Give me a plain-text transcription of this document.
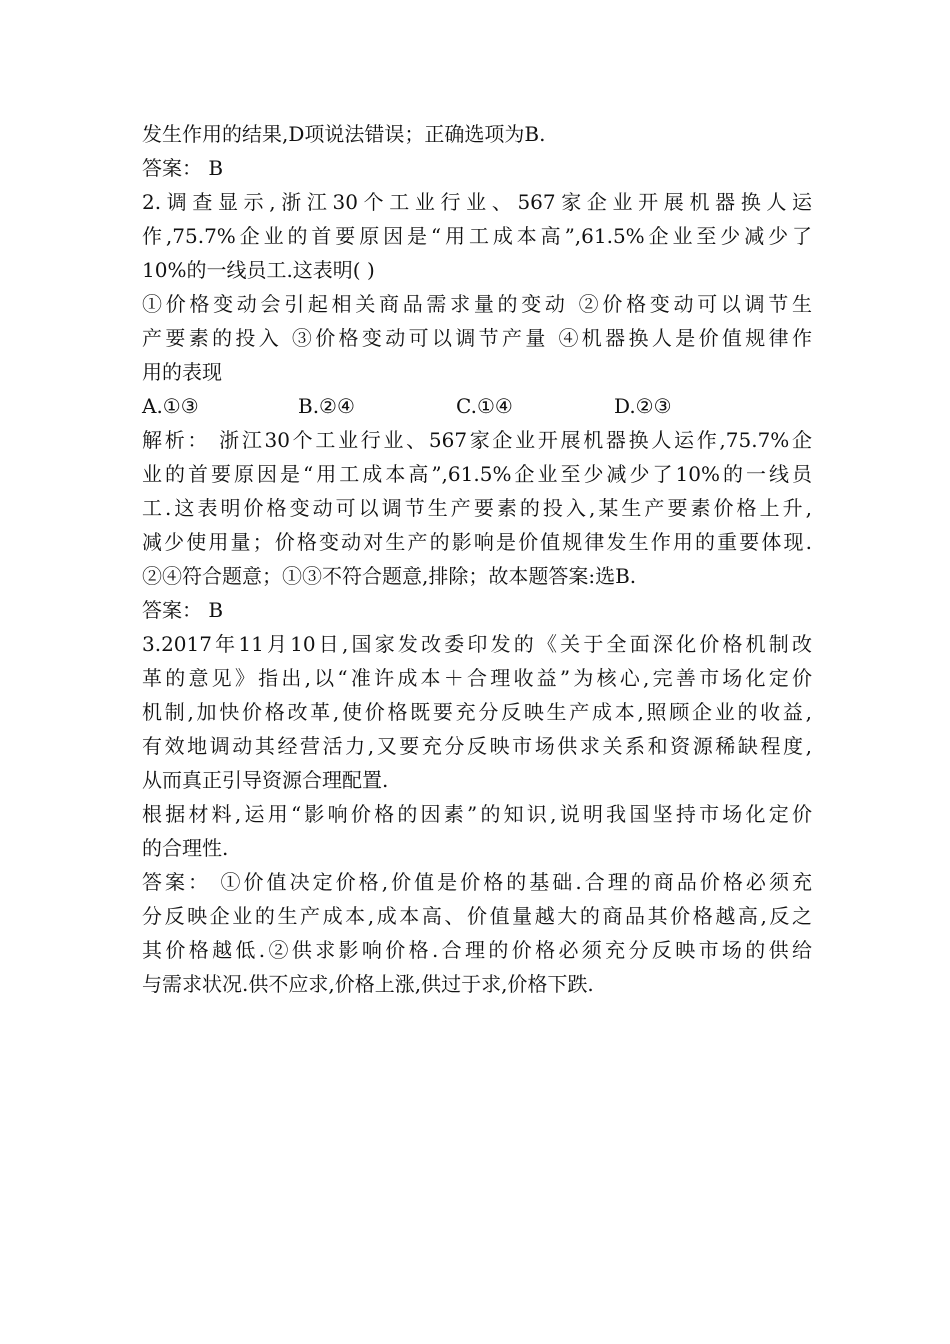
发生作用的结果,D项说法错误；正确选项为B.
答案： B
2.调查显示,浙江30个工业行业、567家企业开展机器换人运
作,75.7%企业的首要原因是“用工成本高”,61.5%企业至少减少了
10%的一线员工.这表明( )
①价格变动会引起相关商品需求量的变动 ②价格变动可以调节生
产要素的投入 ③价格变动可以调节产量 ④机器换人是价值规律作
用的表现
A.①③	B.②④	C.①④	D.②③
解析： 浙江30个工业行业、567家企业开展机器换人运作,75.7%企
业的首要原因是“用工成本高”,61.5%企业至少减少了10%的一线员
工.这表明价格变动可以调节生产要素的投入,某生产要素价格上升,
减少使用量；价格变动对生产的影响是价值规律发生作用的重要体现.
②④符合题意；①③不符合题意,排除；故本题答案:选B.
答案： B
3.2017年11月10日,国家发改委印发的《关于全面深化价格机制改
革的意见》指出,以“准许成本＋合理收益”为核心,完善市场化定价
机制,加快价格改革,使价格既要充分反映生产成本,照顾企业的收益,
有效地调动其经营活力,又要充分反映市场供求关系和资源稀缺程度,
从而真正引导资源合理配置.
根据材料,运用“影响价格的因素”的知识,说明我国坚持市场化定价
的合理性.
答案： ①价值决定价格,价值是价格的基础.合理的商品价格必须充
分反映企业的生产成本,成本高、价值量越大的商品其价格越高,反之
其价格越低.②供求影响价格.合理的价格必须充分反映市场的供给
与需求状况.供不应求,价格上涨,供过于求,价格下跌.
